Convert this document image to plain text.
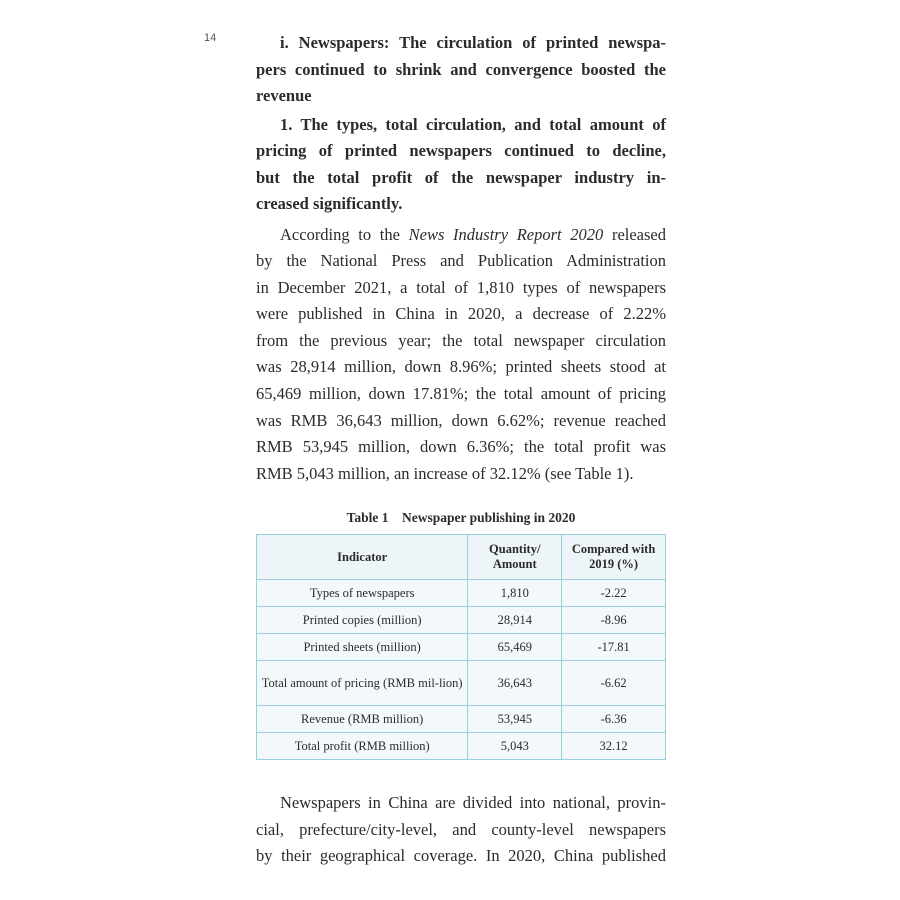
14	i. Newspapers: The circulation of printed newspa-
pers continued to shrink and convergence boosted the
revenue
1. The types, total circulation, and total amount of
pricing of printed newspapers continued to decline,
but the total profit of the newspaper industry in-
creased significantly.
According to the News Industry Report 2020 released
by the National Press and Publication Administration
in December 2021, a total of 1,810 types of newspapers
were published in China in 2020, a decrease of 2.22%
from the previous year; the total newspaper circulation
was 28,914 million, down 8.96%; printed sheets stood at
65,469 million, down 17.81%; the total amount of pricing
was RMB 36,643 million, down 6.62%; revenue reached
RMB 53,945 million, down 6.36%; the total profit was
RMB 5,043 million, an increase of 32.12% (see Table 1).
Table 1    Newspaper publishing in 2020
Indicator	Quantity/ Amount	Compared with 2019 (%)
Types of newspapers	1,810	-2.22
Printed copies (million)	28,914	-8.96
Printed sheets (million)	65,469	-17.81
Total amount of pricing (RMB mil-lion)	36,643	-6.62
Revenue (RMB million)	53,945	-6.36
Total profit (RMB million)	5,043	32.12
Newspapers in China are divided into national, provin-
cial, prefecture/city-level, and county-level newspapers
by their geographical coverage. In 2020, China published
